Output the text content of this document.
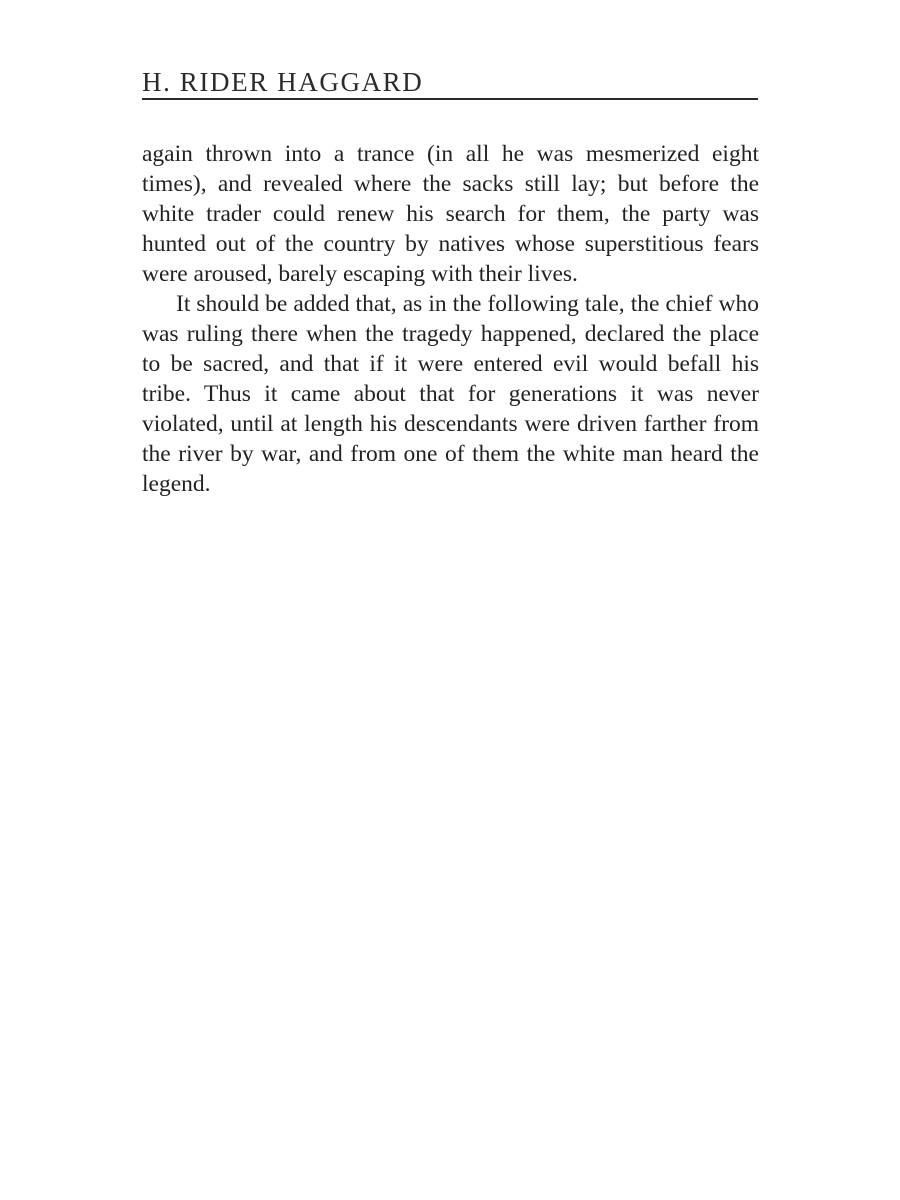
H. RIDER HAGGARD

again thrown into a trance (in all he was mesmerized eight times), and revealed where the sacks still lay; but before the white trader could renew his search for them, the party was hunted out of the country by natives whose superstitious fears were aroused, barely escaping with their lives.

It should be added that, as in the following tale, the chief who was ruling there when the tragedy happened, declared the place to be sacred, and that if it were entered evil would befall his tribe. Thus it came about that for generations it was never violated, until at length his descendants were driven farther from the river by war, and from one of them the white man heard the legend.
